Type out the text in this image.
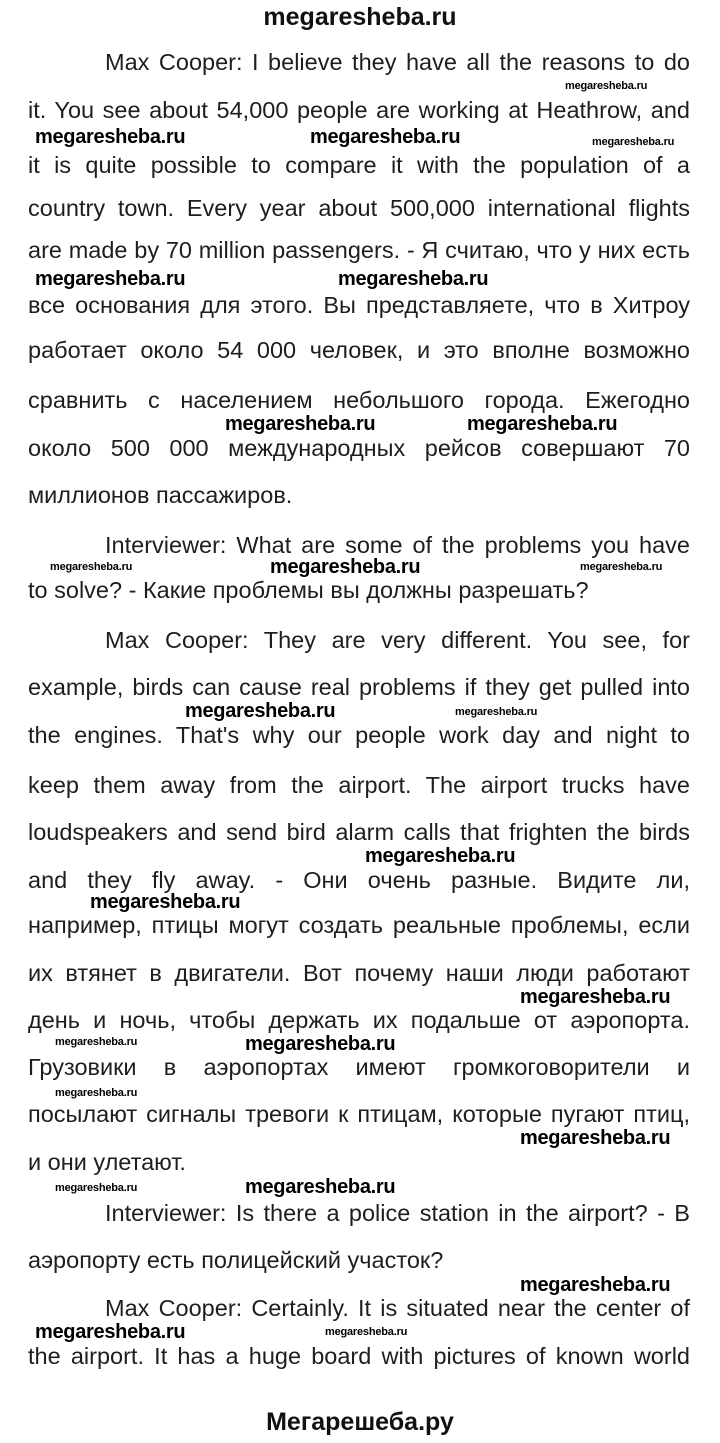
megaresheba.ru
Max Cooper: I believe they have all the reasons to do
it. You see about 54,000 people are working at Heathrow, and
it is quite possible to compare it with the population of a
country town. Every year about 500,000 international flights
are made by 70 million passengers. - Я считаю, что у них есть
все основания для этого. Вы представляете, что в Хитроу
работает около 54 000 человек, и это вполне возможно
сравнить с населением небольшого города. Ежегодно
около 500 000 международных рейсов совершают 70
миллионов пассажиров.
Interviewer: What are some of the problems you have
to solve? - Какие проблемы вы должны разрешать?
Max Cooper: They are very different. You see, for
example, birds can cause real problems if they get pulled into
the engines. That's why our people work day and night to
keep them away from the airport. The airport trucks have
loudspeakers and send bird alarm calls that frighten the birds
and they fly away. - Они очень разные. Видите ли,
например, птицы могут создать реальные проблемы, если
их втянет в двигатели. Вот почему наши люди работают
день и ночь, чтобы держать их подальше от аэропорта.
Грузовики в аэропортах имеют громкоговорители и
посылают сигналы тревоги к птицам, которые пугают птиц,
и они улетают.
Interviewer: Is there a police station in the airport? - В
аэропорту есть полицейский участок?
Max Cooper: Certainly. It is situated near the center of
the airport. It has a huge board with pictures of known world
megaresheba.ru
megaresheba.ru	megaresheba.ru	megaresheba.ru
megaresheba.ru	megaresheba.ru
megaresheba.ru	megaresheba.ru
megaresheba.ru	megaresheba.ru	megaresheba.ru
megaresheba.ru	megaresheba.ru
megaresheba.ru
megaresheba.ru
megaresheba.ru
megaresheba.ru	megaresheba.ru
megaresheba.ru
megaresheba.ru
megaresheba.ru	megaresheba.ru
megaresheba.ru
megaresheba.ru	megaresheba.ru
Мегарешеба.ру
